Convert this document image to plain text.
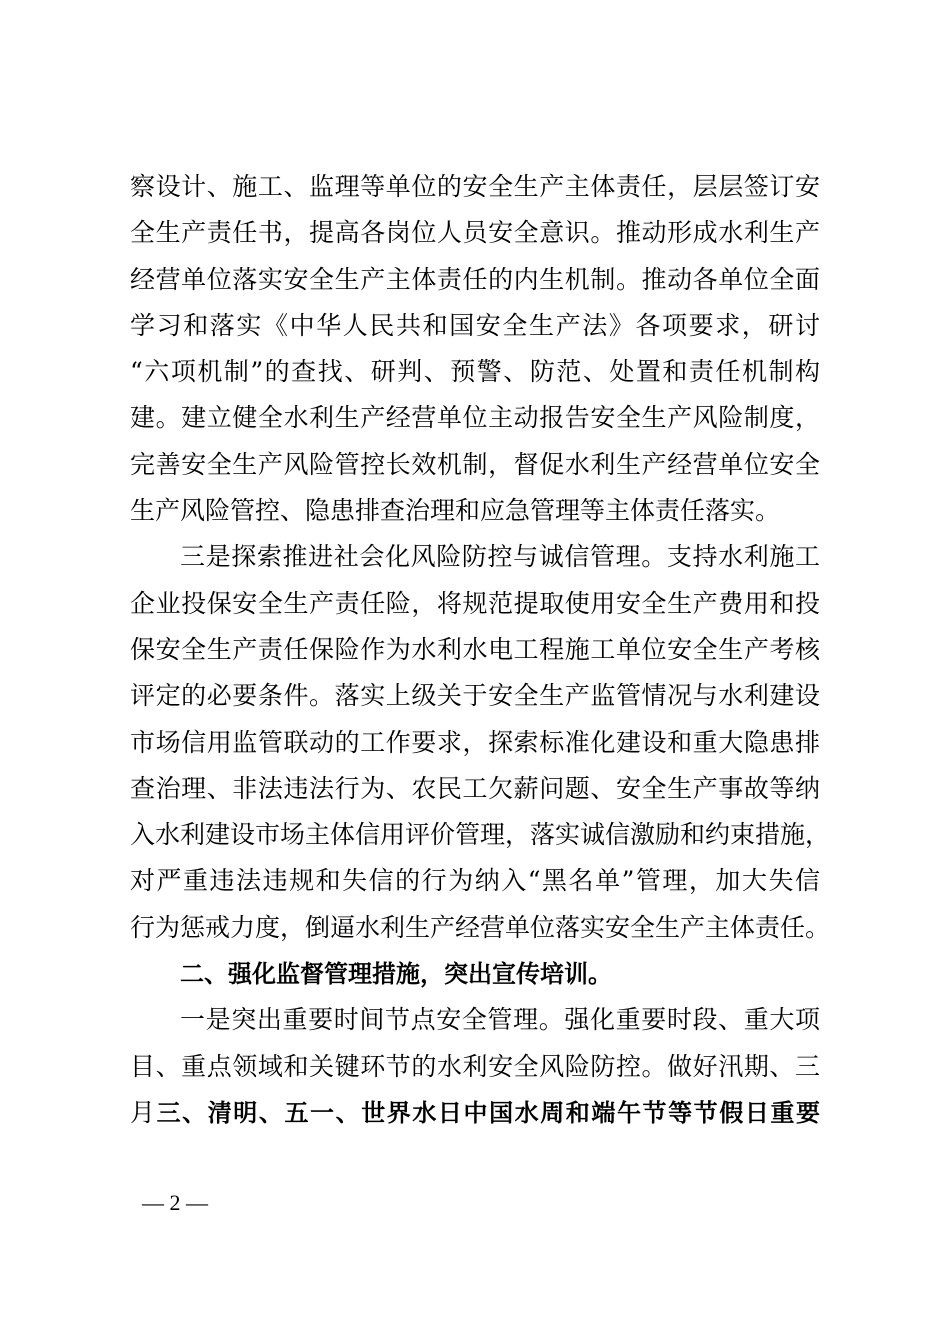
察设计、施工、监理等单位的安全生产主体责任，层层签订安
全生产责任书，提高各岗位人员安全意识。推动形成水利生产
经营单位落实安全生产主体责任的内生机制。推动各单位全面
学习和落实《中华人民共和国安全生产法》各项要求，研讨
“六项机制”的查找、研判、预警、防范、处置和责任机制构
建。建立健全水利生产经营单位主动报告安全生产风险制度，
完善安全生产风险管控长效机制，督促水利生产经营单位安全
生产风险管控、隐患排查治理和应急管理等主体责任落实。
三是探索推进社会化风险防控与诚信管理。支持水利施工
企业投保安全生产责任险，将规范提取使用安全生产费用和投
保安全生产责任保险作为水利水电工程施工单位安全生产考核
评定的必要条件。落实上级关于安全生产监管情况与水利建设
市场信用监管联动的工作要求，探索标准化建设和重大隐患排
查治理、非法违法行为、农民工欠薪问题、安全生产事故等纳
入水利建设市场主体信用评价管理，落实诚信激励和约束措施，
对严重违法违规和失信的行为纳入“黑名单”管理，加大失信
行为惩戒力度，倒逼水利生产经营单位落实安全生产主体责任。
二、强化监督管理措施，突出宣传培训。
一是突出重要时间节点安全管理。强化重要时段、重大项
目、重点领域和关键环节的水利安全风险防控。做好汛期、三
月三、清明、五一、世界水日中国水周和端午节等节假日重要
— 2 —
